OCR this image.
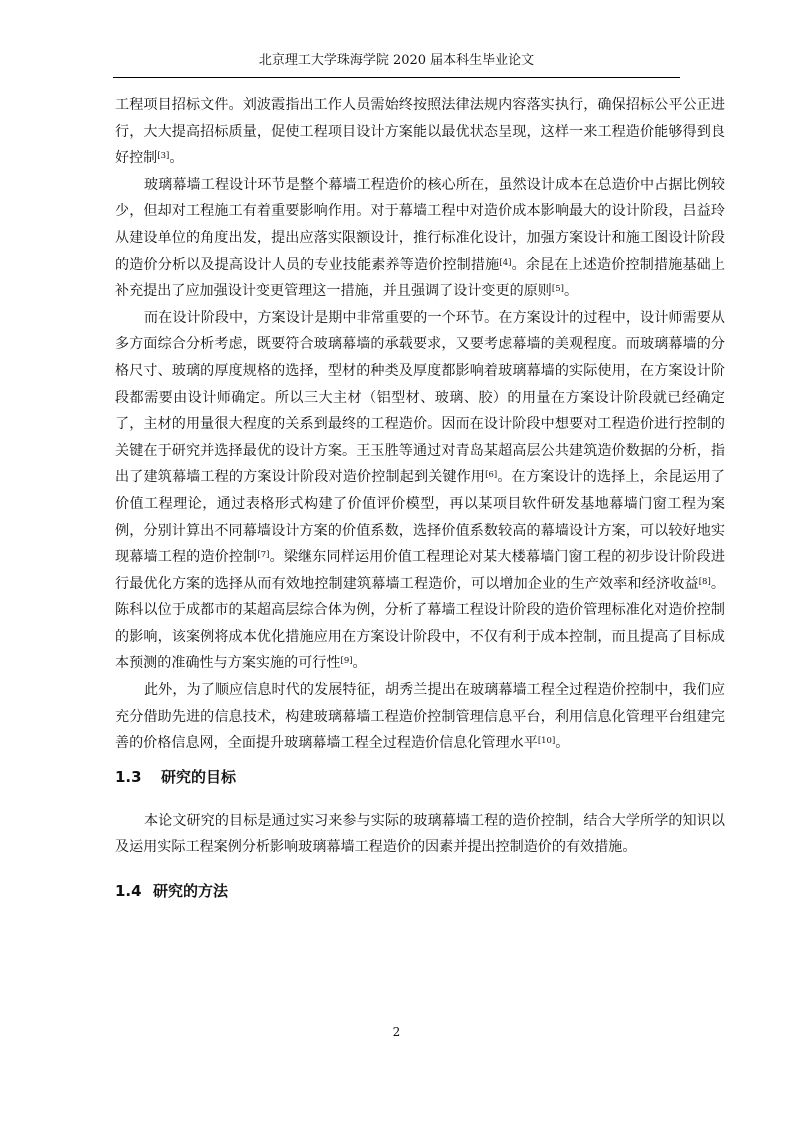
北京理工大学珠海学院 2020 届本科生毕业论文

工程项目招标文件。刘波霞指出工作人员需始终按照法律法规内容落实执行，确保招标公平公正进行，大大提高招标质量，促使工程项目设计方案能以最优状态呈现，这样一来工程造价能够得到良好控制[3]。

玻璃幕墙工程设计环节是整个幕墙工程造价的核心所在，虽然设计成本在总造价中占据比例较少，但却对工程施工有着重要影响作用。对于幕墙工程中对造价成本影响最大的设计阶段，吕益玲从建设单位的角度出发，提出应落实限额设计，推行标准化设计，加强方案设计和施工图设计阶段的造价分析以及提高设计人员的专业技能素养等造价控制措施[4]。余昆在上述造价控制措施基础上补充提出了应加强设计变更管理这一措施，并且强调了设计变更的原则[5]。

而在设计阶段中，方案设计是期中非常重要的一个环节。在方案设计的过程中，设计师需要从多方面综合分析考虑，既要符合玻璃幕墙的承载要求，又要考虑幕墙的美观程度。而玻璃幕墙的分格尺寸、玻璃的厚度规格的选择，型材的种类及厚度都影响着玻璃幕墙的实际使用，在方案设计阶段都需要由设计师确定。所以三大主材（铝型材、玻璃、胶）的用量在方案设计阶段就已经确定了，主材的用量很大程度的关系到最终的工程造价。因而在设计阶段中想要对工程造价进行控制的关键在于研究并选择最优的设计方案。王玉胜等通过对青岛某超高层公共建筑造价数据的分析，指出了建筑幕墙工程的方案设计阶段对造价控制起到关键作用[6]。在方案设计的选择上，余昆运用了价值工程理论，通过表格形式构建了价值评价模型，再以某项目软件研发基地幕墙门窗工程为案例，分别计算出不同幕墙设计方案的价值系数，选择价值系数较高的幕墙设计方案，可以较好地实现幕墙工程的造价控制[7]。梁继东同样运用价值工程理论对某大楼幕墙门窗工程的初步设计阶段进行最优化方案的选择从而有效地控制建筑幕墙工程造价，可以增加企业的生产效率和经济收益[8]。陈科以位于成都市的某超高层综合体为例，分析了幕墙工程设计阶段的造价管理标准化对造价控制的影响，该案例将成本优化措施应用在方案设计阶段中，不仅有利于成本控制，而且提高了目标成本预测的准确性与方案实施的可行性[9]。

此外，为了顺应信息时代的发展特征，胡秀兰提出在玻璃幕墙工程全过程造价控制中，我们应充分借助先进的信息技术，构建玻璃幕墙工程造价控制管理信息平台，利用信息化管理平台组建完善的价格信息网，全面提升玻璃幕墙工程全过程造价信息化管理水平[10]。

1.3 研究的目标

本论文研究的目标是通过实习来参与实际的玻璃幕墙工程的造价控制，结合大学所学的知识以及运用实际工程案例分析影响玻璃幕墙工程造价的因素并提出控制造价的有效措施。

1.4 研究的方法
2
